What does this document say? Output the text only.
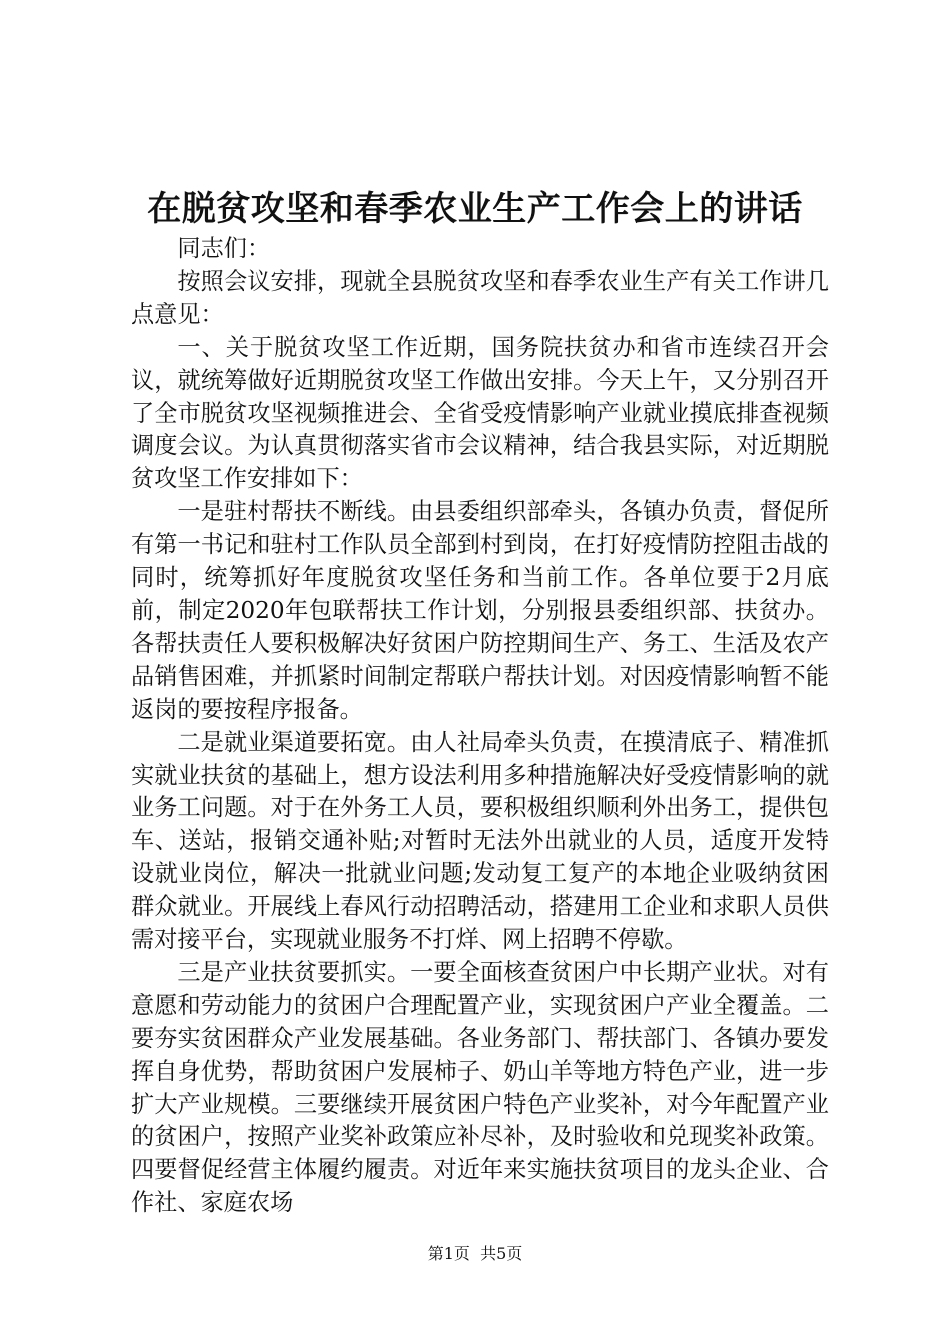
在脱贫攻坚和春季农业生产工作会上的讲话

同志们：

按照会议安排，现就全县脱贫攻坚和春季农业生产有关工作讲几点意见：

一、关于脱贫攻坚工作近期，国务院扶贫办和省市连续召开会议，就统筹做好近期脱贫攻坚工作做出安排。今天上午，又分别召开了全市脱贫攻坚视频推进会、全省受疫情影响产业就业摸底排查视频调度会议。为认真贯彻落实省市会议精神，结合我县实际，对近期脱贫攻坚工作安排如下：

一是驻村帮扶不断线。由县委组织部牵头，各镇办负责，督促所有第一书记和驻村工作队员全部到村到岗，在打好疫情防控阻击战的同时，统筹抓好年度脱贫攻坚任务和当前工作。各单位要于2月底前，制定2020年包联帮扶工作计划，分别报县委组织部、扶贫办。各帮扶责任人要积极解决好贫困户防控期间生产、务工、生活及农产品销售困难，并抓紧时间制定帮联户帮扶计划。对因疫情影响暂不能返岗的要按程序报备。

二是就业渠道要拓宽。由人社局牵头负责，在摸清底子、精准抓实就业扶贫的基础上，想方设法利用多种措施解决好受疫情影响的就业务工问题。对于在外务工人员，要积极组织顺利外出务工，提供包车、送站，报销交通补贴;对暂时无法外出就业的人员，适度开发特设就业岗位，解决一批就业问题;发动复工复产的本地企业吸纳贫困群众就业。开展线上春风行动招聘活动，搭建用工企业和求职人员供需对接平台，实现就业服务不打烊、网上招聘不停歇。

三是产业扶贫要抓实。一要全面核查贫困户中长期产业状。对有意愿和劳动能力的贫困户合理配置产业，实现贫困户产业全覆盖。二要夯实贫困群众产业发展基础。各业务部门、帮扶部门、各镇办要发挥自身优势，帮助贫困户发展柿子、奶山羊等地方特色产业，进一步扩大产业规模。三要继续开展贫困户特色产业奖补，对今年配置产业的贫困户，按照产业奖补政策应补尽补，及时验收和兑现奖补政策。四要督促经营主体履约履责。对近年来实施扶贫项目的龙头企业、合作社、家庭农场

第1页  共5页
